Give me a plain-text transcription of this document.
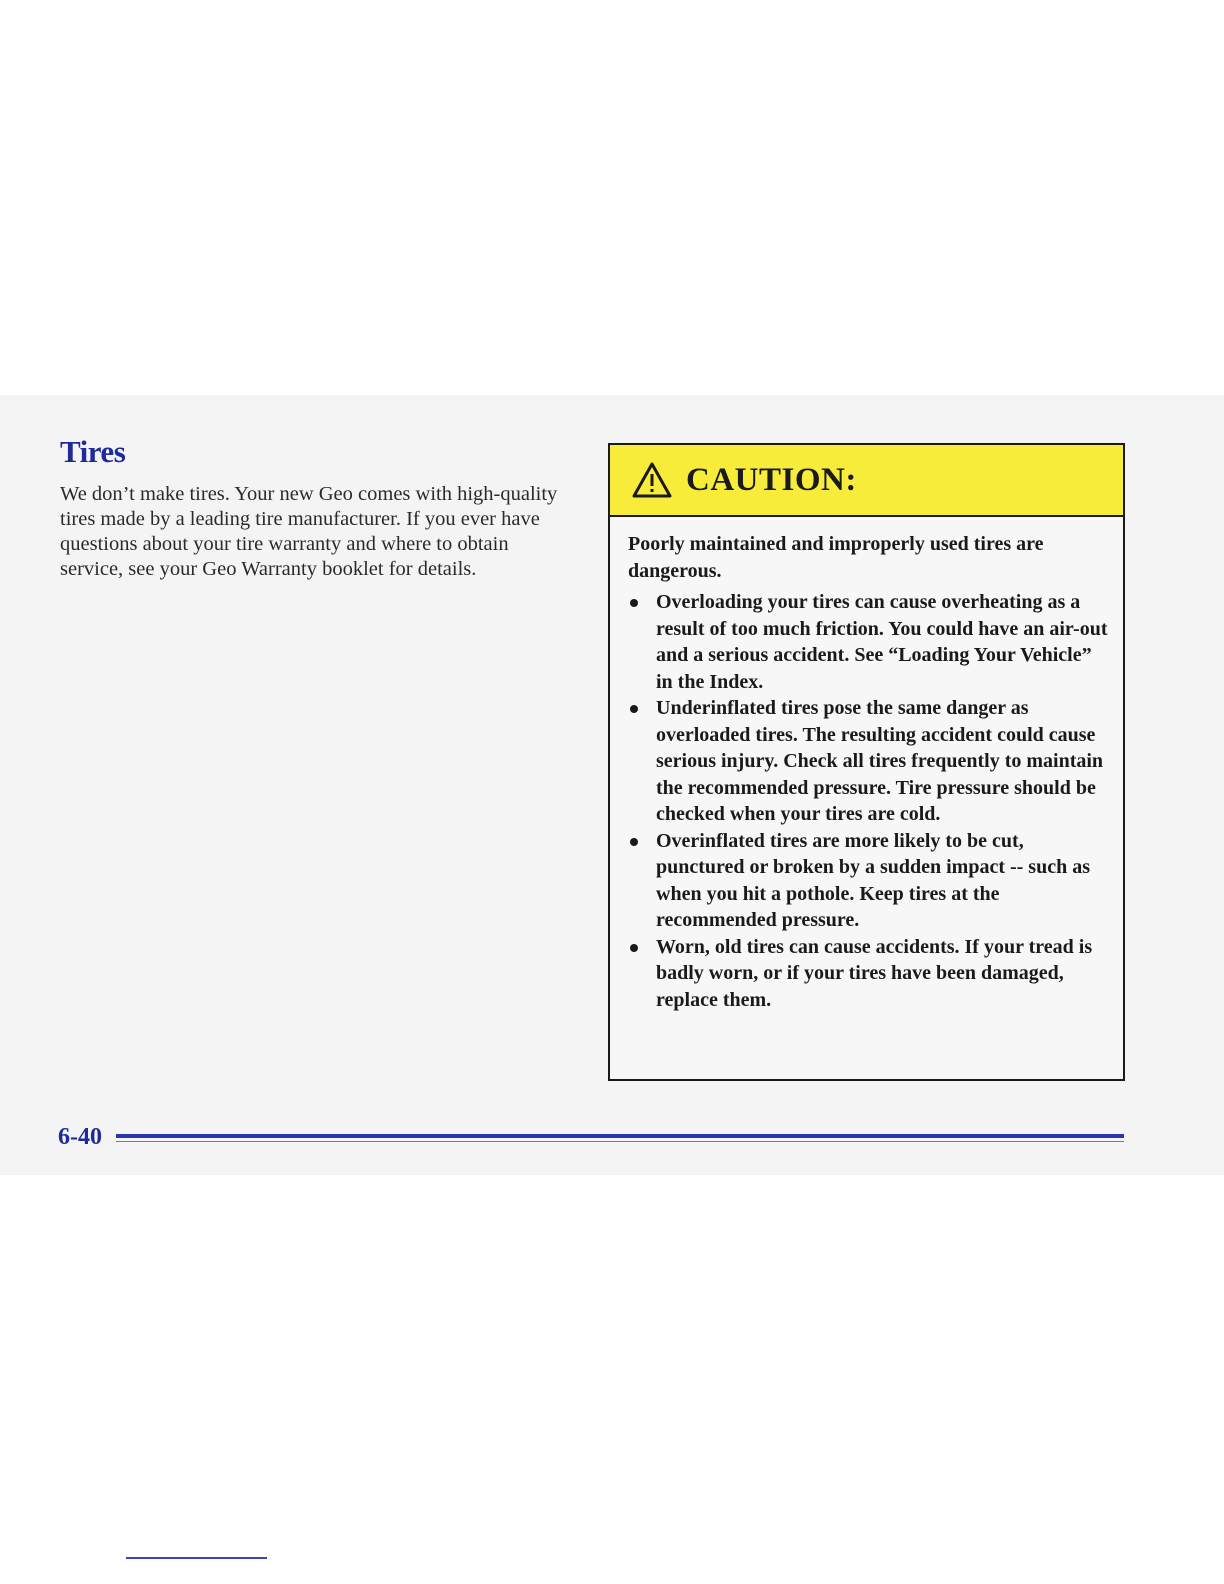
Tires

We don’t make tires. Your new Geo comes with high-quality tires made by a leading tire manufacturer. If you ever have questions about your tire warranty and where to obtain service, see your Geo Warranty booklet for details.

CAUTION:

Poorly maintained and improperly used tires are dangerous.

Overloading your tires can cause overheating as a result of too much friction. You could have an air-out and a serious accident. See “Loading Your Vehicle” in the Index.
Underinflated tires pose the same danger as overloaded tires. The resulting accident could cause serious injury. Check all tires frequently to maintain the recommended pressure. Tire pressure should be checked when your tires are cold.
Overinflated tires are more likely to be cut, punctured or broken by a sudden impact -- such as when you hit a pothole. Keep tires at the recommended pressure.
Worn, old tires can cause accidents. If your tread is badly worn, or if your tires have been damaged, replace them.
6-40
